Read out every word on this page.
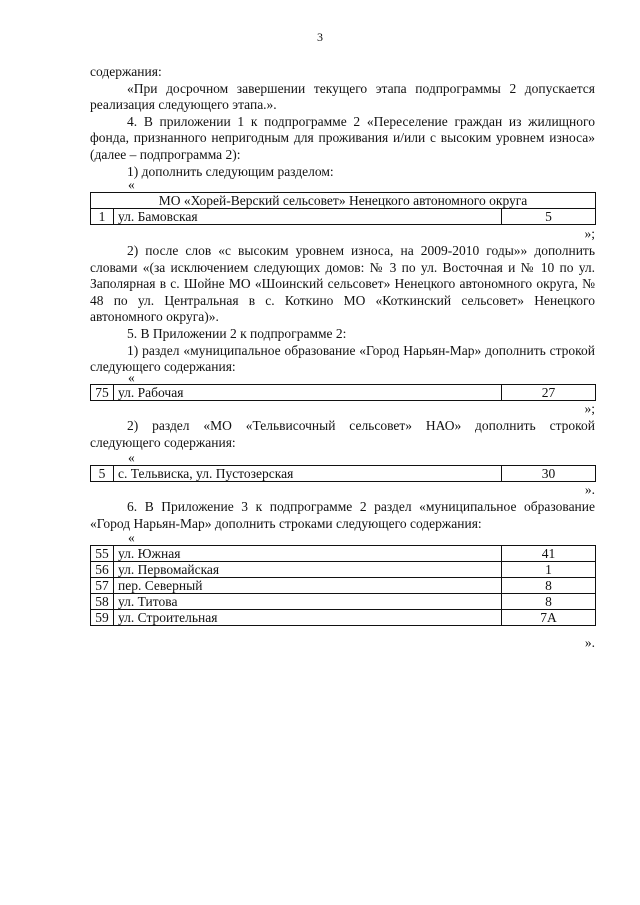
3

содержания:

«При досрочном завершении текущего этапа подпрограммы 2 допускается реализация следующего этапа.».

4. В приложении 1 к подпрограмме 2 «Переселение граждан из жилищного фонда, признанного непригодным для проживания и/или с высоким уровнем износа» (далее – подпрограмма 2):

1) дополнить следующим разделом:

«
МО «Хорей-Верский сельсовет» Ненецкого автономного округа
1	ул. Бамовская	5
»;

2) после слов «с высоким уровнем износа, на 2009-2010 годы»» дополнить словами «(за исключением следующих домов: № 3 по ул. Восточная и № 10 по ул. Заполярная в с. Шойне МО «Шоинский сельсовет» Ненецкого автономного округа, № 48 по ул. Центральная в с. Коткино МО «Коткинский сельсовет» Ненецкого автономного округа)».

5. В Приложении 2 к подпрограмме 2:

1) раздел «муниципальное образование «Город Нарьян-Мар» дополнить строкой следующего содержания:

«
75	ул. Рабочая	27
»;

2) раздел «МО «Тельвисочный сельсовет» НАО» дополнить строкой следующего содержания:

«
5	с. Тельвиска, ул. Пустозерская	30
».

6. В Приложение 3 к подпрограмме 2 раздел «муниципальное образование «Город Нарьян-Мар» дополнить строками следующего содержания:

«
55	ул. Южная	41
56	ул. Первомайская	1
57	пер. Северный	8
58	ул. Титова	8
59	ул. Строительная	7А
».
